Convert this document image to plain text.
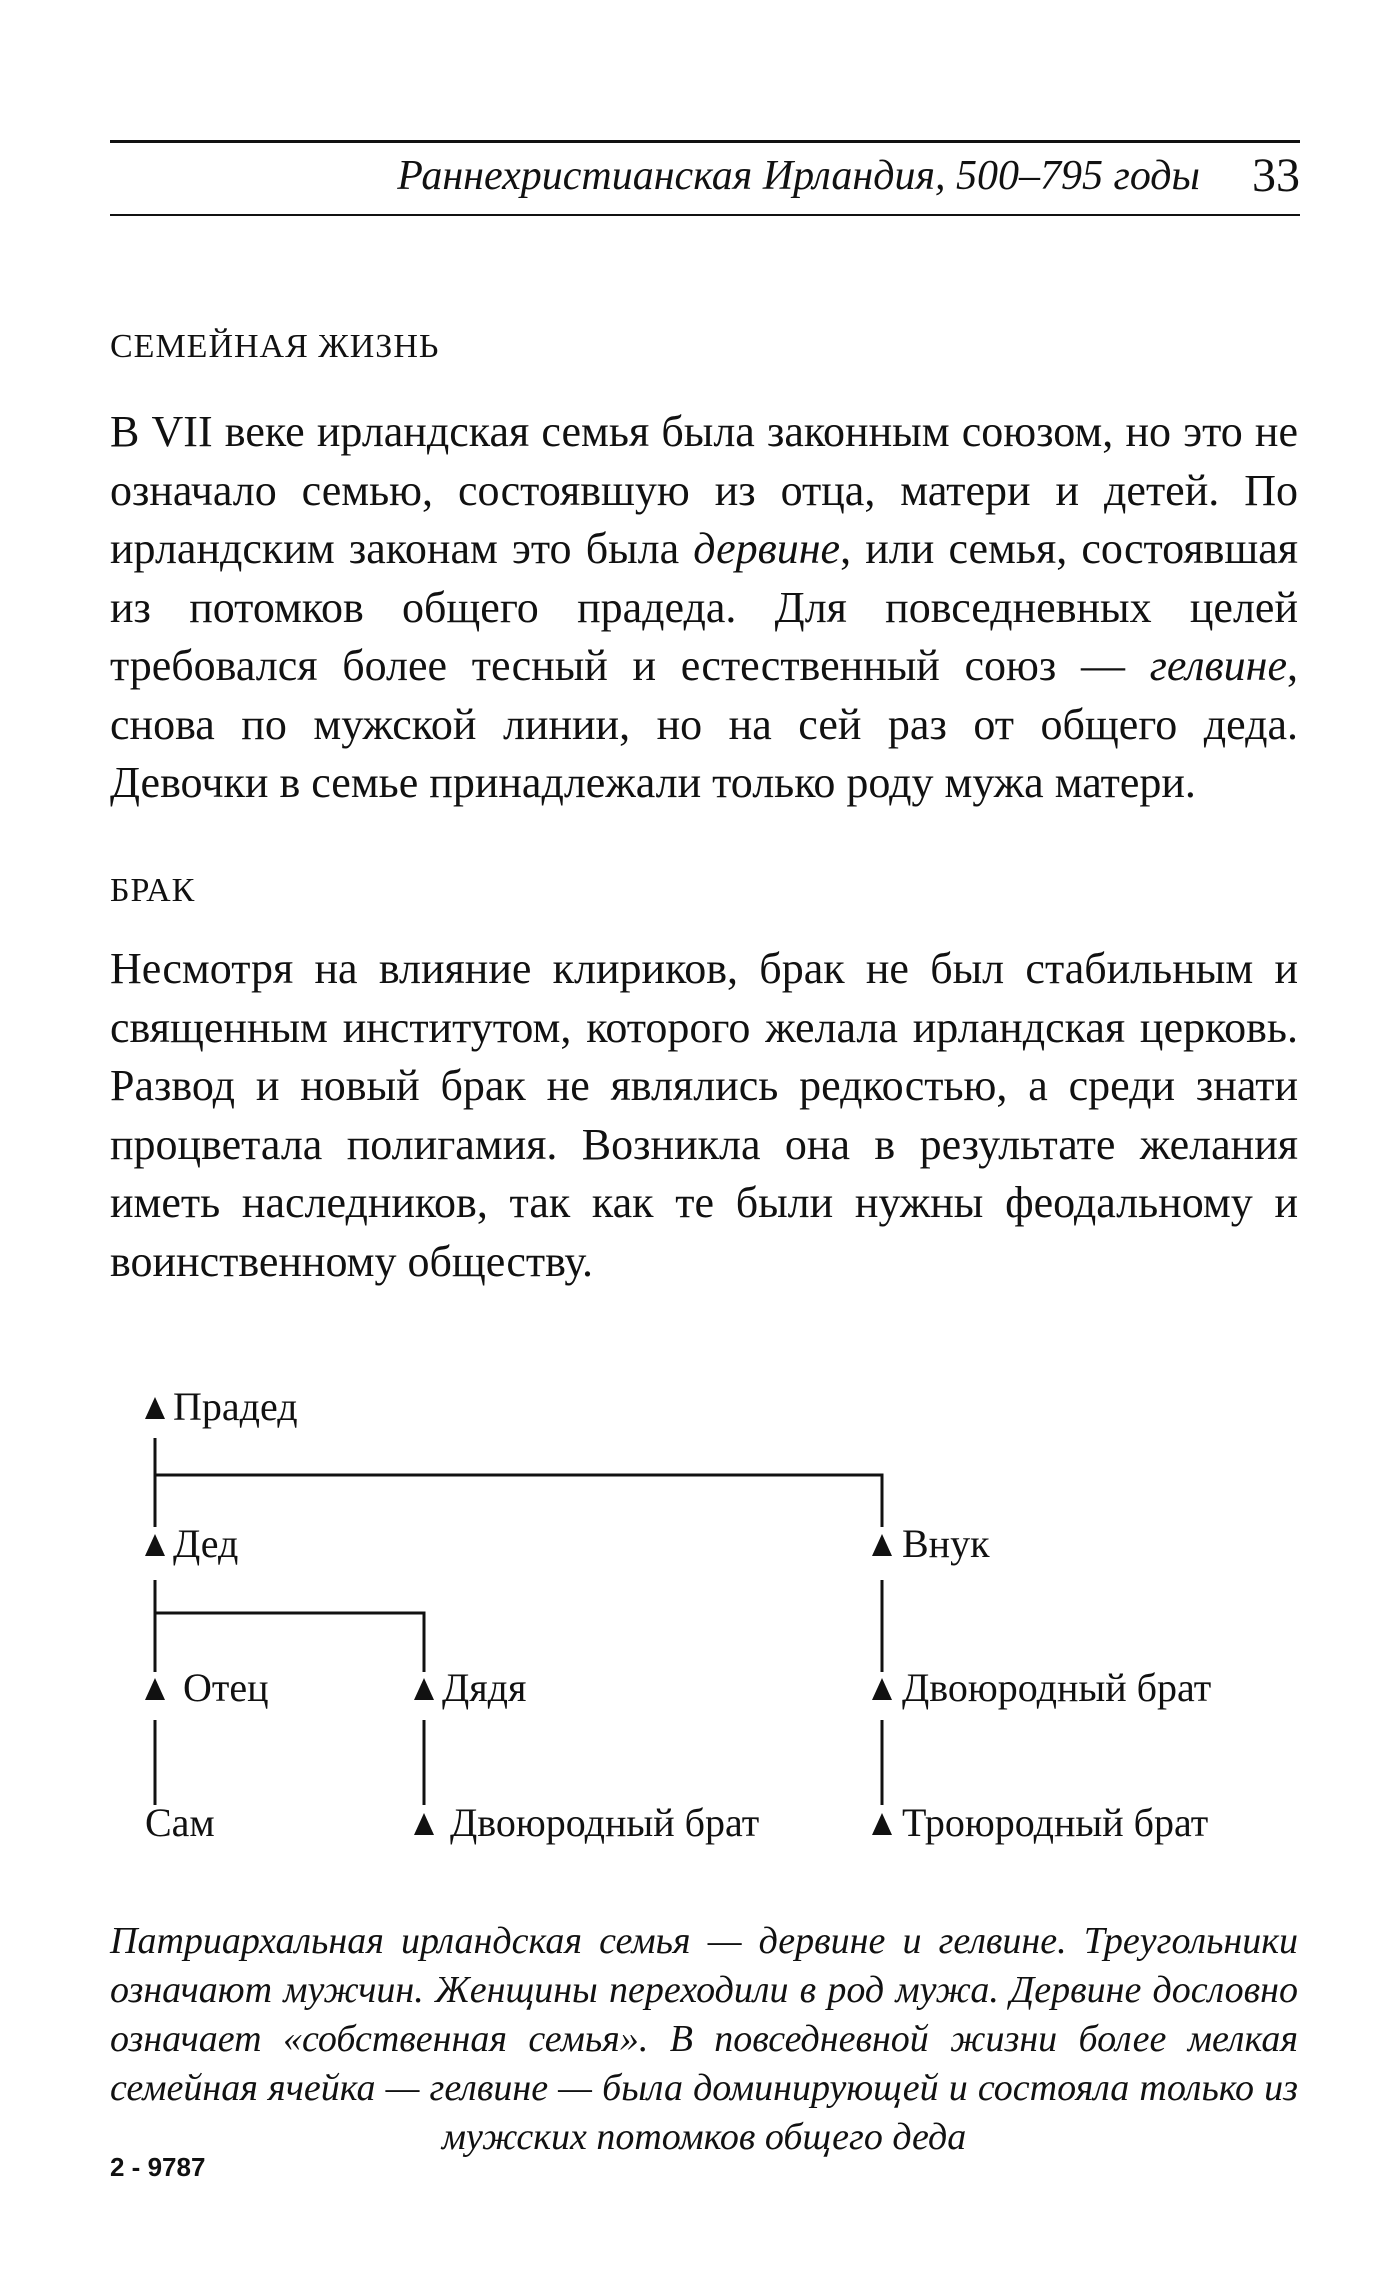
Раннехристианская Ирландия, 500–795 годы 33
СЕМЕЙНАЯ ЖИЗНЬ

В VII веке ирландская семья была законным союзом, но это не означало семью, состоявшую из отца, матери и детей. По ирландским законам это была дервине, или семья, состоявшая из потомков общего прадеда. Для повседневных целей требовался более тесный и естественный союз — гелвине, снова по мужской линии, но на сей раз от общего деда. Девочки в семье принадлежали только роду мужа матери.

БРАК

Несмотря на влияние клириков, брак не был стабильным и священным институтом, которого желала ирландская церковь. Развод и новый брак не являлись редкостью, а среди знати процветала полигамия. Возникла она в результате желания иметь наследников, так как те были нужны феодальному и воинственному обществу.

Прадед
Дед	Внук
Отец	Дядя	Двоюродный брат
Сам	Двоюродный брат	Троюродный брат

Патриархальная ирландская семья — дервине и гелвине. Треугольники означают мужчин. Женщины переходили в род мужа. Дервине дословно означает «собственная семья». В повседневной жизни более мелкая семейная ячейка — гелвине — была доминирующей и состояла только из мужских потомков общего деда

2 - 9787
